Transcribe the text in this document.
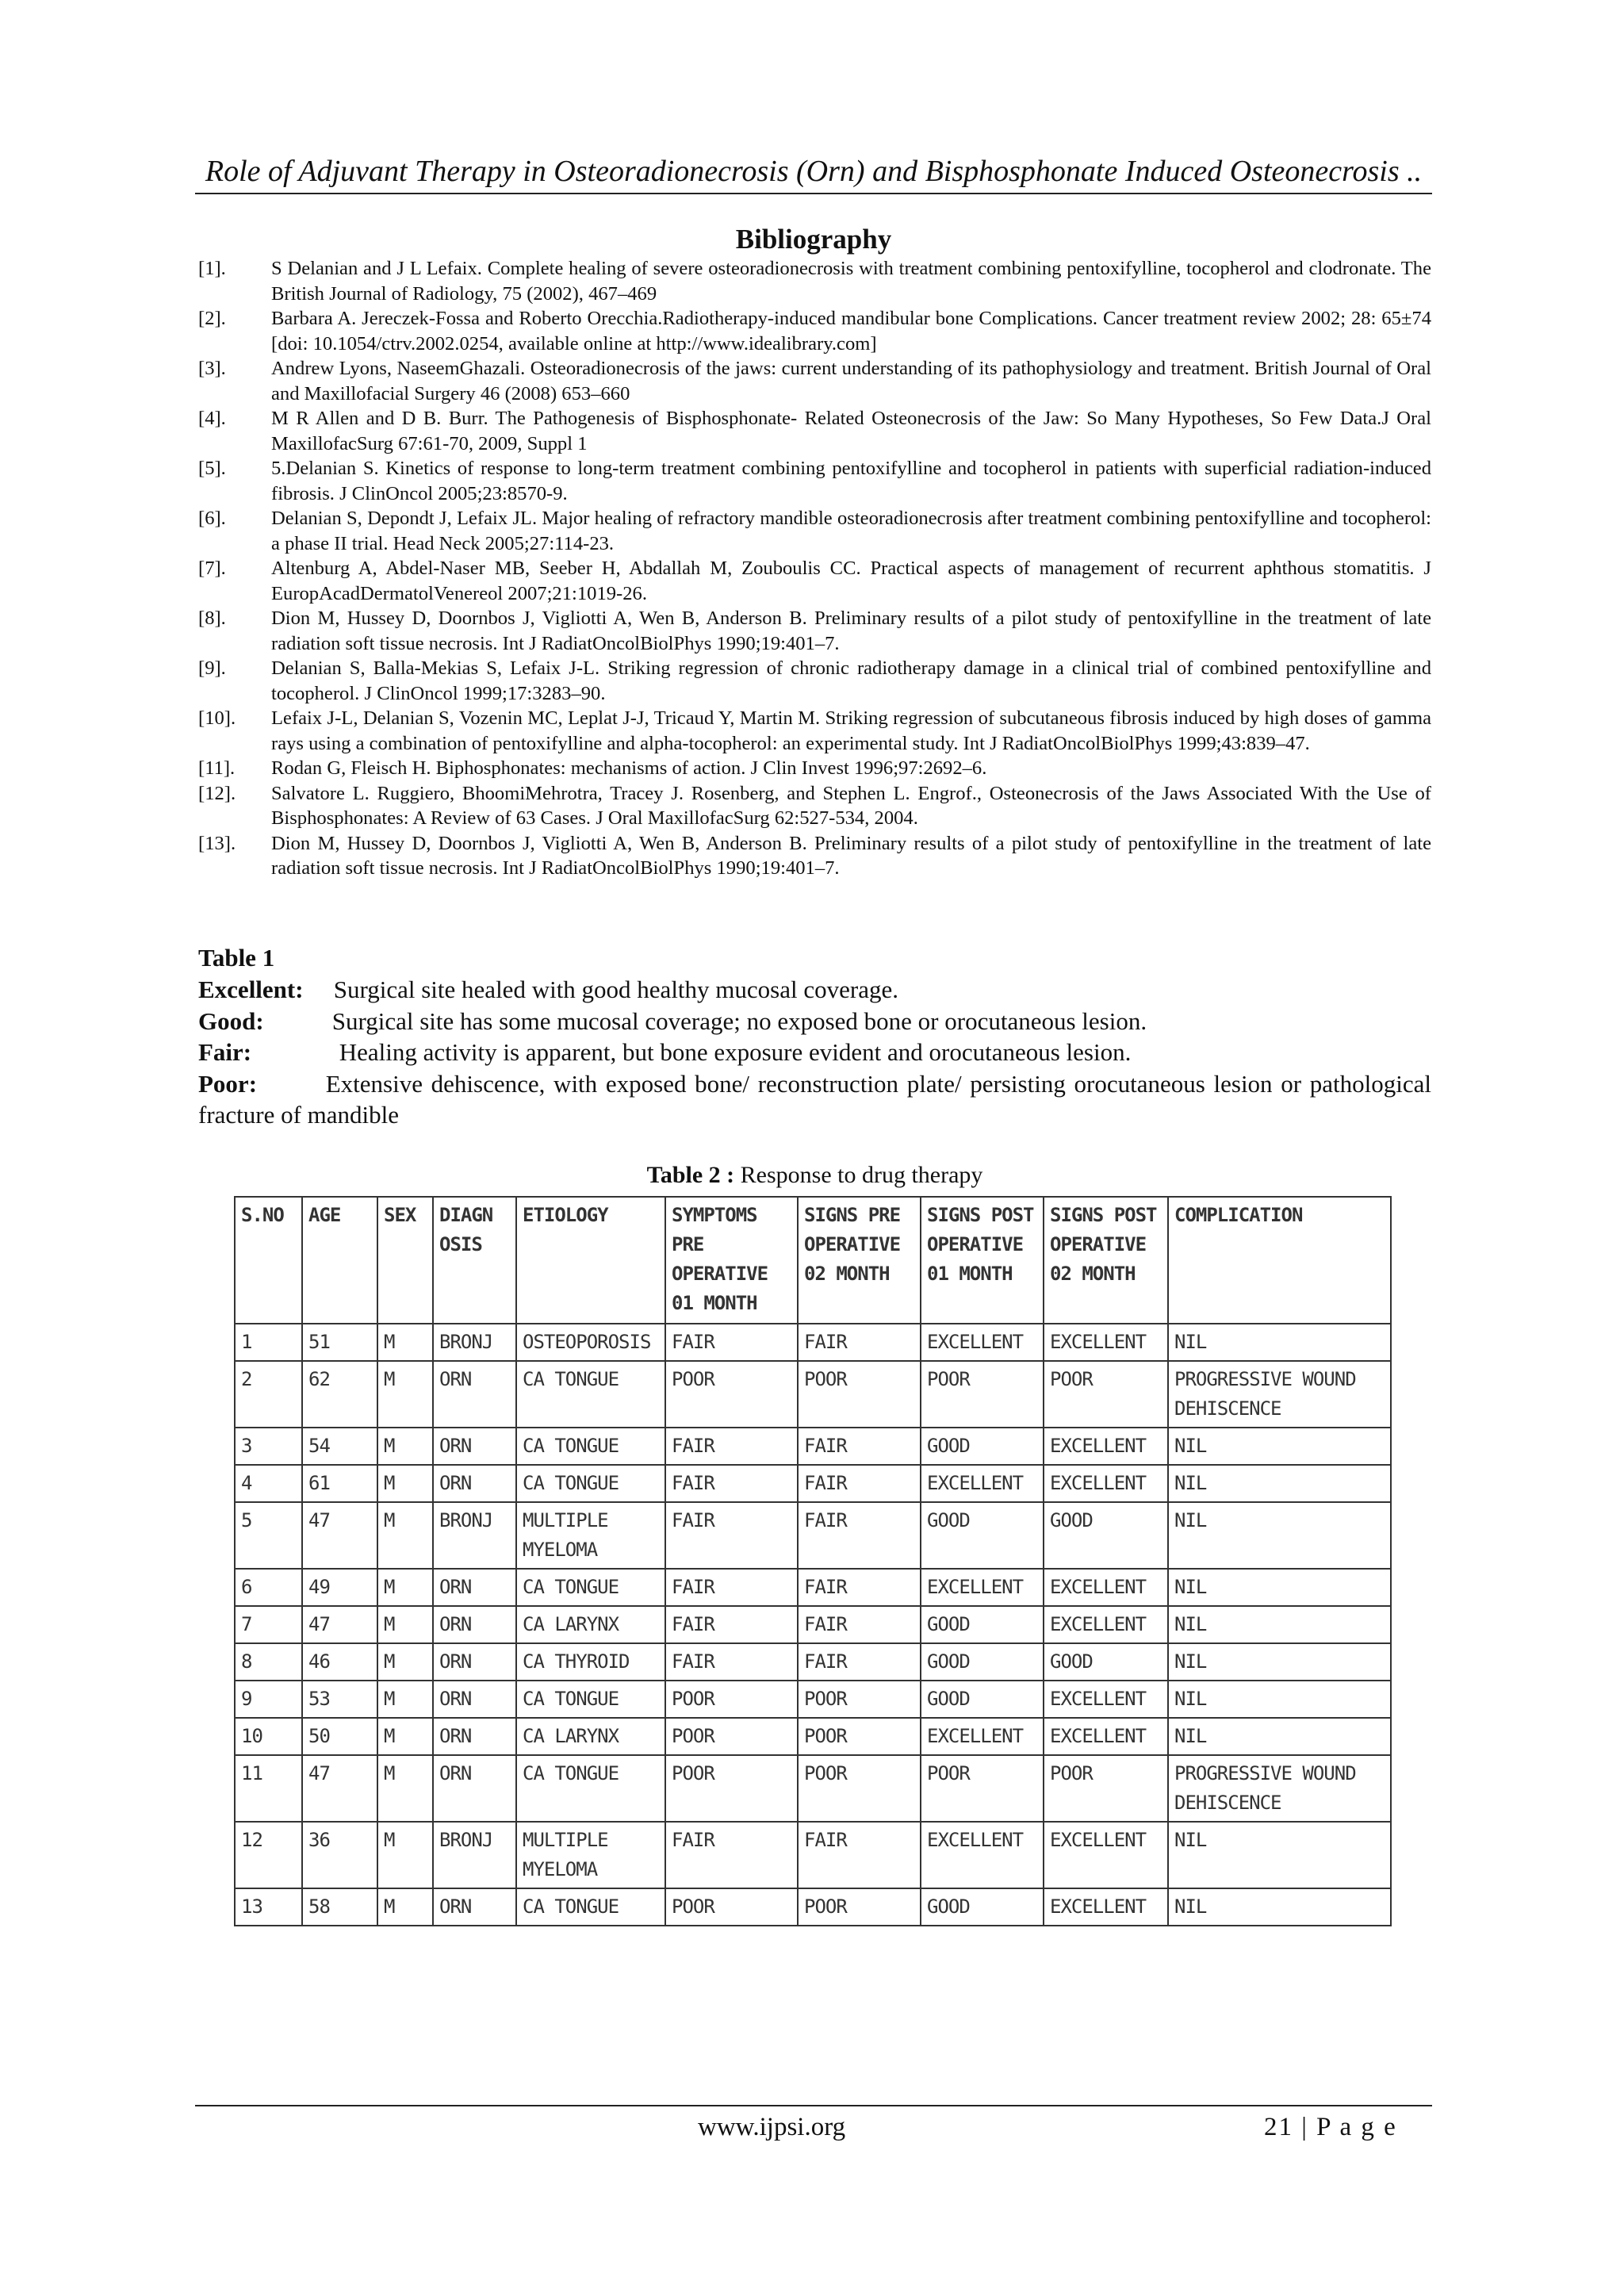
Role of Adjuvant Therapy in Osteoradionecrosis (Orn) and Bisphosphonate Induced Osteonecrosis ..
Bibliography
[1].	S Delanian and J L Lefaix. Complete healing of severe osteoradionecrosis with treatment combining pentoxifylline, tocopherol and clodronate. The British Journal of Radiology, 75 (2002), 467–469
[2].	Barbara A. Jereczek-Fossa and Roberto Orecchia.Radiotherapy-induced mandibular bone Complications. Cancer treatment review 2002; 28: 65±74 [doi: 10.1054/ctrv.2002.0254, available online at http://www.idealibrary.com]
[3].	Andrew Lyons, NaseemGhazali. Osteoradionecrosis of the jaws: current understanding of its pathophysiology and treatment. British Journal of Oral and Maxillofacial Surgery 46 (2008) 653–660
[4].	M R Allen and D B. Burr. The Pathogenesis of Bisphosphonate- Related Osteonecrosis of the Jaw: So Many Hypotheses, So Few Data.J Oral MaxillofacSurg 67:61-70, 2009, Suppl 1
[5].	5.Delanian S. Kinetics of response to long-term treatment combining pentoxifylline and tocopherol in patients with superficial radiation-induced fibrosis. J ClinOncol 2005;23:8570-9.
[6].	Delanian S, Depondt J, Lefaix JL. Major healing of refractory mandible osteoradionecrosis after treatment combining pentoxifylline and tocopherol: a phase II trial. Head Neck 2005;27:114-23.
[7].	Altenburg A, Abdel-Naser MB, Seeber H, Abdallah M, Zouboulis CC. Practical aspects of management of recurrent aphthous stomatitis. J EuropAcadDermatolVenereol 2007;21:1019-26.
[8].	Dion M, Hussey D, Doornbos J, Vigliotti A, Wen B, Anderson B. Preliminary results of a pilot study of pentoxifylline in the treatment of late radiation soft tissue necrosis. Int J RadiatOncolBiolPhys 1990;19:401–7.
[9].	Delanian S, Balla-Mekias S, Lefaix J-L. Striking regression of chronic radiotherapy damage in a clinical trial of combined pentoxifylline and tocopherol. J ClinOncol 1999;17:3283–90.
[10].	Lefaix J-L, Delanian S, Vozenin MC, Leplat J-J, Tricaud Y, Martin M. Striking regression of subcutaneous fibrosis induced by high doses of gamma rays using a combination of pentoxifylline and alpha-tocopherol: an experimental study. Int J RadiatOncolBiolPhys 1999;43:839–47.
[11].	Rodan G, Fleisch H. Biphosphonates: mechanisms of action. J Clin Invest 1996;97:2692–6.
[12].	Salvatore L. Ruggiero, BhoomiMehrotra, Tracey J. Rosenberg, and Stephen L. Engrof., Osteonecrosis of the Jaws Associated With the Use of Bisphosphonates: A Review of 63 Cases. J Oral MaxillofacSurg 62:527-534, 2004.
[13].	Dion M, Hussey D, Doornbos J, Vigliotti A, Wen B, Anderson B. Preliminary results of a pilot study of pentoxifylline in the treatment of late radiation soft tissue necrosis. Int J RadiatOncolBiolPhys 1990;19:401–7.
Table 1
Excellent: Surgical site healed with good healthy mucosal coverage.
Good:	Surgical site has some mucosal coverage; no exposed bone or orocutaneous lesion.
Fair:	Healing activity is apparent, but bone exposure evident and orocutaneous lesion.
Poor:	Extensive dehiscence, with exposed bone/ reconstruction plate/ persisting orocutaneous lesion or pathological fracture of mandible
Table 2 : Response to drug therapy
S.NO	AGE	SEX	DIAGN OSIS	ETIOLOGY	SYMPTOMS PRE OPERATIVE 01 MONTH	SIGNS PRE OPERATIVE 02 MONTH	SIGNS POST OPERATIVE 01 MONTH	SIGNS POST OPERATIVE 02 MONTH	COMPLICATION
1	51	M	BRONJ	OSTEOPOROSIS	FAIR	FAIR	EXCELLENT	EXCELLENT	NIL
2	62	M	ORN	CA TONGUE	POOR	POOR	POOR	POOR	PROGRESSIVE WOUND DEHISCENCE
3	54	M	ORN	CA TONGUE	FAIR	FAIR	GOOD	EXCELLENT	NIL
4	61	M	ORN	CA TONGUE	FAIR	FAIR	EXCELLENT	EXCELLENT	NIL
5	47	M	BRONJ	MULTIPLE MYELOMA	FAIR	FAIR	GOOD	GOOD	NIL
6	49	M	ORN	CA TONGUE	FAIR	FAIR	EXCELLENT	EXCELLENT	NIL
7	47	M	ORN	CA LARYNX	FAIR	FAIR	GOOD	EXCELLENT	NIL
8	46	M	ORN	CA THYROID	FAIR	FAIR	GOOD	GOOD	NIL
9	53	M	ORN	CA TONGUE	POOR	POOR	GOOD	EXCELLENT	NIL
10	50	M	ORN	CA LARYNX	POOR	POOR	EXCELLENT	EXCELLENT	NIL
11	47	M	ORN	CA TONGUE	POOR	POOR	POOR	POOR	PROGRESSIVE WOUND DEHISCENCE
12	36	M	BRONJ	MULTIPLE MYELOMA	FAIR	FAIR	EXCELLENT	EXCELLENT	NIL
13	58	M	ORN	CA TONGUE	POOR	POOR	GOOD	EXCELLENT	NIL
www.ijpsi.org	21 | P a g e
